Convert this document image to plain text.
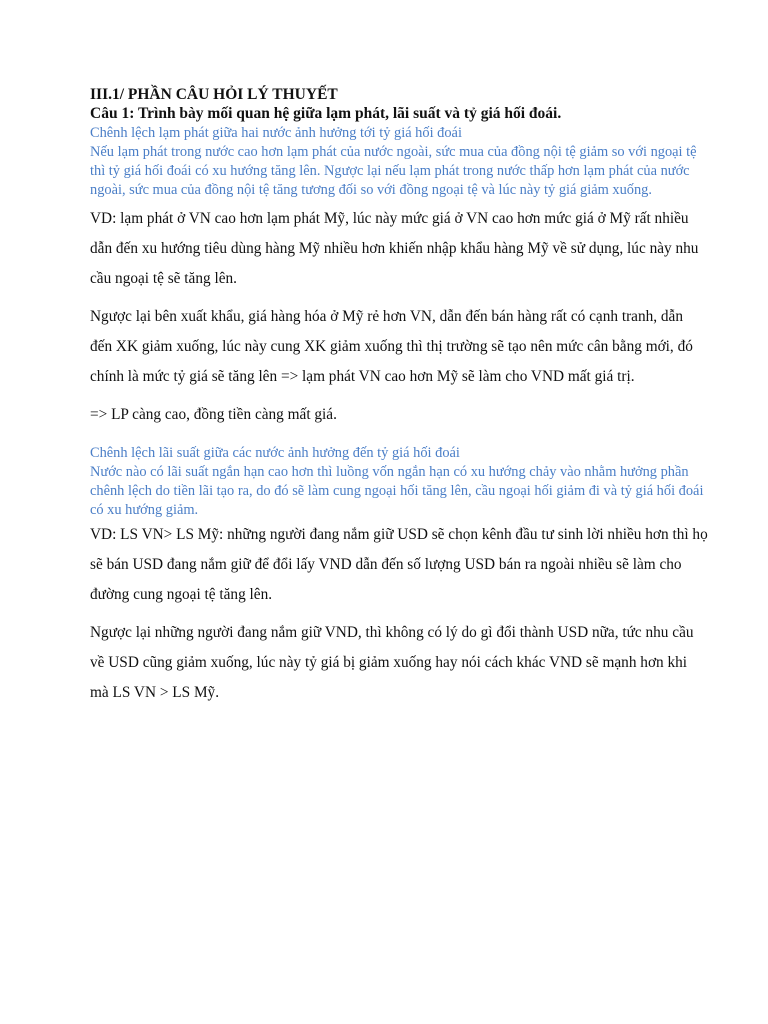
III.1/ PHẦN CÂU HỎI LÝ THUYẾT
Câu 1: Trình bày mối quan hệ giữa lạm phát, lãi suất và tỷ giá hối đoái.

Chênh lệch lạm phát giữa hai nước ảnh hưởng tới tỷ giá hối đoái

Nếu lạm phát trong nước cao hơn lạm phát của nước ngoài, sức mua của đồng nội tệ giảm so với ngoại tệ thì tỷ giá hối đoái có xu hướng tăng lên. Ngược lại nếu lạm phát trong nước thấp hơn lạm phát của nước ngoài, sức mua của đồng nội tệ tăng tương đối so với đồng ngoại tệ và lúc này tỷ giá giảm xuống.

VD: lạm phát ở VN cao hơn lạm phát Mỹ, lúc này mức giá ở VN cao hơn mức giá ở Mỹ rất nhiều dẫn đến xu hướng tiêu dùng hàng Mỹ nhiều hơn khiến nhập khẩu hàng Mỹ về sử dụng, lúc này nhu cầu ngoại tệ sẽ tăng lên.

Ngược lại bên xuất khẩu, giá hàng hóa ở Mỹ rẻ hơn VN, dẫn đến bán hàng rất có cạnh tranh, dẫn đến XK giảm xuống, lúc này cung XK giảm xuống thì thị trường sẽ tạo nên mức cân bằng mới, đó chính là mức tỷ giá sẽ tăng lên => lạm phát VN cao hơn Mỹ sẽ làm cho VND mất giá trị.

=> LP càng cao, đồng tiền càng mất giá.

Chênh lệch lãi suất giữa các nước ảnh hưởng đến tỷ giá hối đoái

Nước nào có lãi suất ngắn hạn cao hơn thì luồng vốn ngắn hạn có xu hướng chảy vào nhằm hưởng phần chênh lệch do tiền lãi tạo ra, do đó sẽ làm cung ngoại hối tăng lên, cầu ngoại hối giảm đi và tỷ giá hối đoái có xu hướng giảm.

VD: LS VN> LS Mỹ: những người đang nắm giữ USD sẽ chọn kênh đầu tư sinh lời nhiều hơn thì họ sẽ bán USD đang nắm giữ để đổi lấy VND dẫn đến số lượng USD bán ra ngoài nhiều sẽ làm cho đường cung ngoại tệ tăng lên.

Ngược lại những người đang nắm giữ VND, thì không có lý do gì đổi thành USD nữa, tức nhu cầu về USD cũng giảm xuống, lúc này tỷ giá bị giảm xuống hay nói cách khác VND sẽ mạnh hơn khi mà LS VN > LS Mỹ.
